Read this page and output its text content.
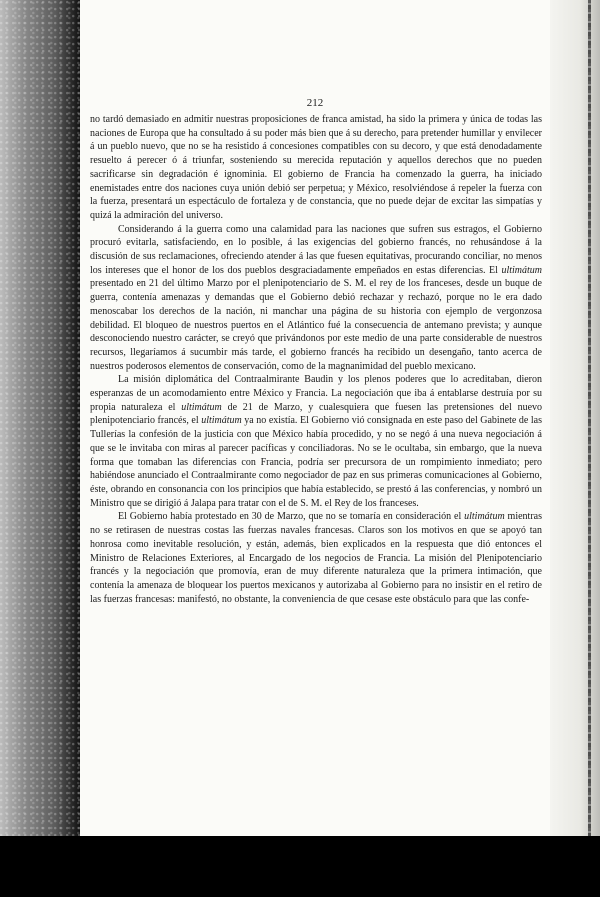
212

no tardó demasiado en admitir nuestras proposiciones de franca amistad, ha sido la primera y única de todas las naciones de Europa que ha consultado á su poder más bien que á su derecho, para pretender humillar y envilecer á un pueblo nuevo, que no se ha resistido á concesiones compatibles con su decoro, y que está denodadamente resuelto á perecer ó á triunfar, sosteniendo su merecida reputación y aquellos derechos que no pueden sacrificarse sin degradación é ignominia. El gobierno de Francia ha comenzado la guerra, ha iniciado enemistades entre dos naciones cuya unión debió ser perpetua; y México, resolviéndose á repeler la fuerza con la fuerza, presentará un espectáculo de fortaleza y de constancia, que no puede dejar de excitar las simpatías y quizá la admiración del universo.

Considerando á la guerra como una calamidad para las naciones que sufren sus estragos, el Gobierno procuró evitarla, satisfaciendo, en lo posible, á las exigencias del gobierno francés, no rehusándose á la discusión de sus reclamaciones, ofreciendo atender á las que fuesen equitativas, procurando conciliar, no menos los intereses que el honor de los dos pueblos desgraciadamente empeñados en estas diferencias. El ultimátum presentado en 21 del último Marzo por el plenipotenciario de S. M. el rey de los franceses, desde un buque de guerra, contenía amenazas y demandas que el Gobierno debió rechazar y rechazó, porque no le era dado menoscabar los derechos de la nación, ni manchar una página de su historia con ejemplo de vergonzosa debilidad. El bloqueo de nuestros puertos en el Atlántico fué la consecuencia de antemano prevista; y aunque desconociendo nuestro carácter, se creyó que privándonos por este medio de una parte considerable de nuestros recursos, llegaríamos á sucumbir más tarde, el gobierno francés ha recibido un desengaño, tanto acerca de nuestros poderosos elementos de conservación, como de la magnanimidad del pueblo mexicano.

La misión diplomática del Contraalmirante Baudin y los plenos poderes que lo acreditaban, dieron esperanzas de un acomodamiento entre México y Francia. La negociación que iba á entablarse destruía por su propia naturaleza el ultimátum de 21 de Marzo, y cualesquiera que fuesen las pretensiones del nuevo plenipotenciario francés, el ultimátum ya no existía. El Gobierno vió consignada en este paso del Gabinete de las Tullerías la confesión de la justicia con que México había procedido, y no se negó á una nueva negociación á que se le invitaba con miras al parecer pacíficas y conciliadoras. No se le ocultaba, sin embargo, que la nueva forma que tomaban las diferencias con Francia, podría ser precursora de un rompimiento inmediato; pero habiéndose anunciado el Contraalmirante como negociador de paz en sus primeras comunicaciones al Gobierno, éste, obrando en consonancia con los principios que había establecido, se prestó á las conferencias, y nombró un Ministro que se dirigió á Jalapa para tratar con el de S. M. el Rey de los franceses.

El Gobierno había protestado en 30 de Marzo, que no se tomaría en consideración el ultimátum mientras no se retirasen de nuestras costas las fuerzas navales francesas. Claros son los motivos en que se apoyó tan honrosa como inevitable resolución, y están, además, bien explicados en la respuesta que dió entonces el Ministro de Relaciones Exteriores, al Encargado de los negocios de Francia. La misión del Plenipotenciario francés y la negociación que promovía, eran de muy diferente naturaleza que la primera intimación, que contenía la amenaza de bloquear los puertos mexicanos y autorizaba al Gobierno para no insistir en el retiro de las fuerzas francesas: manifestó, no obstante, la conveniencia de que cesase este obstáculo para que las confe-
